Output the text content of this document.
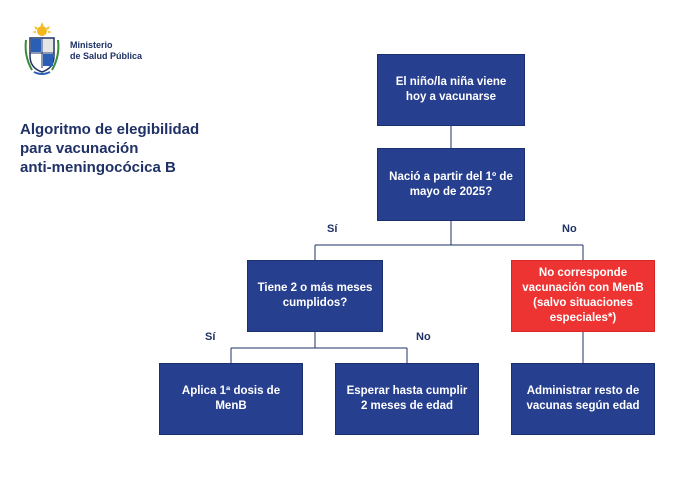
Ministerio
de Salud Pública
Algoritmo de elegibilidad
para vacunación
anti-meningocócica B
El niño/la niña viene hoy a vacunarse
Nació a partir del 1º de mayo de 2025?
Tiene 2 o más meses cumplidos?
No corresponde vacunación con MenB (salvo situaciones especiales*)
Aplica 1ª dosis de MenB
Esperar hasta cumplir 2 meses de edad
Administrar resto de vacunas según edad
Sí	No
Sí	No
